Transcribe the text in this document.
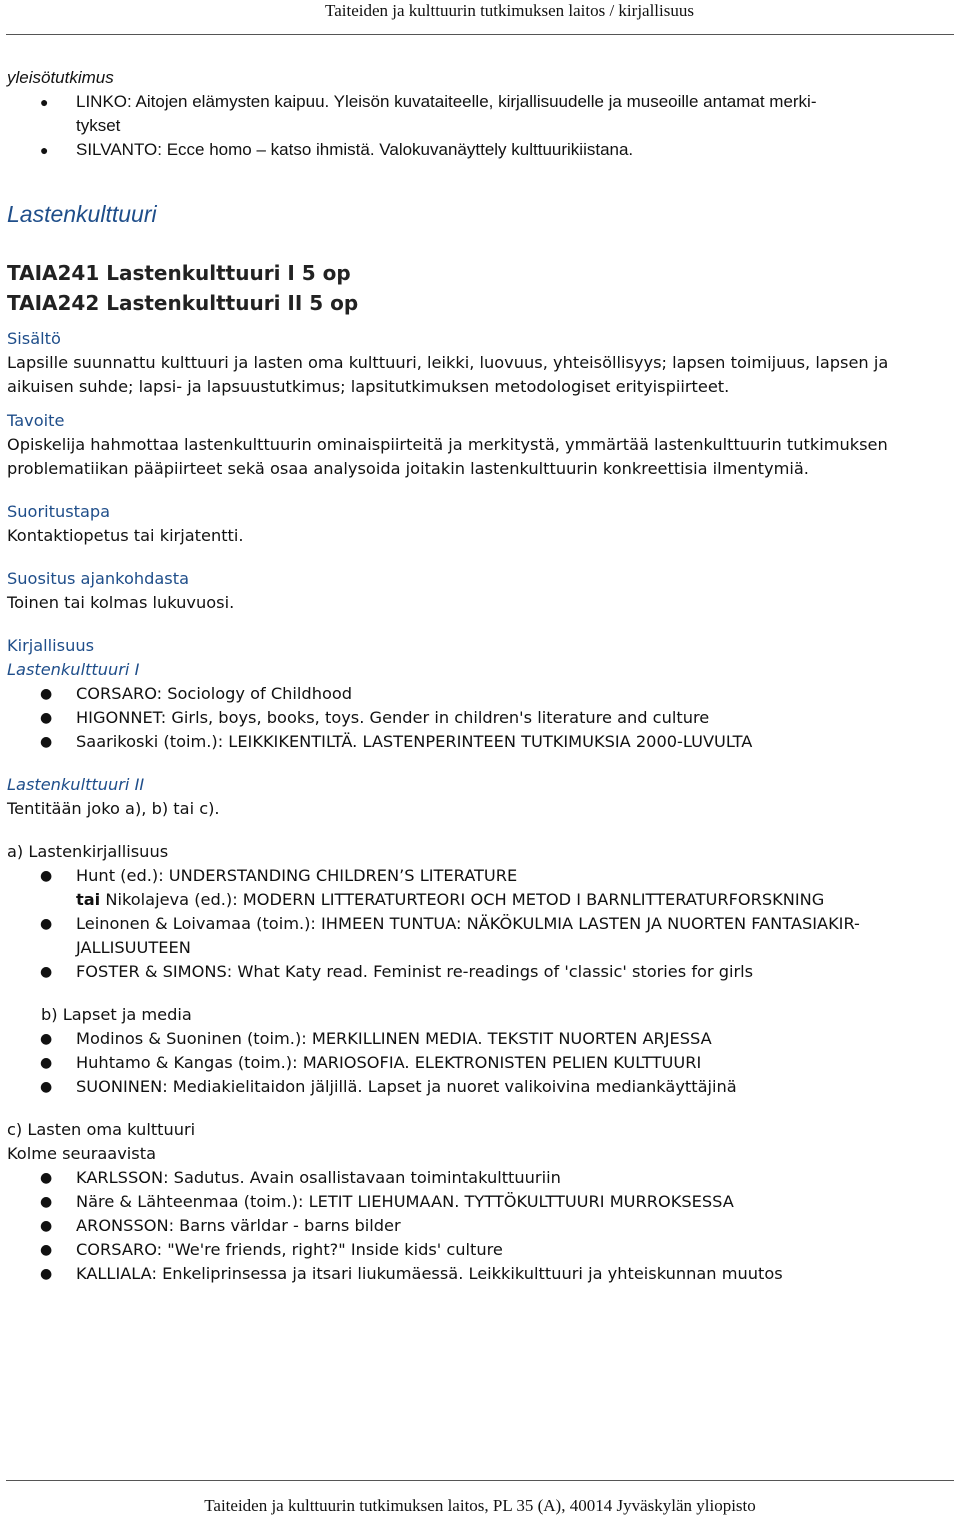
Taiteiden ja kulttuurin tutkimuksen laitos / kirjallisuus

yleisötutkimus

● LINKO: Aitojen elämysten kaipuu. Yleisön kuvataiteelle, kirjallisuudelle ja museoille antamat merki-
tykset
● SILVANTO: Ecce homo – katso ihmistä. Valokuvanäyttely kulttuurikiistana.

Lastenkulttuuri

TAIA241 Lastenkulttuuri I 5 op

TAIA242 Lastenkulttuuri II 5 op

Sisältö

Lapsille suunnattu kulttuuri ja lasten oma kulttuuri, leikki, luovuus, yhteisöllisyys; lapsen toimijuus, lapsen ja aikuisen suhde; lapsi- ja lapsuustutkimus; lapsitutkimuksen metodologiset erityispiirteet.

Tavoite

Opiskelija hahmottaa lastenkulttuurin ominaispiirteitä ja merkitystä, ymmärtää lastenkulttuurin tutkimuksen problematiikan pääpiirteet sekä osaa analysoida joitakin lastenkulttuurin konkreettisia ilmentymiä.

Suoritustapa

Kontaktiopetus tai kirjatentti.

Suositus ajankohdasta

Toinen tai kolmas lukuvuosi.

Kirjallisuus

Lastenkulttuuri I

● CORSARO: Sociology of Childhood
● HIGONNET: Girls, boys, books, toys. Gender in children's literature and culture
● Saarikoski (toim.): LEIKKIKENTILTÄ. LASTENPERINTEEN TUTKIMUKSIA 2000-LUVULTA

Lastenkulttuuri II

Tentitään joko a), b) tai c).

a) Lastenkirjallisuus

● Hunt (ed.): UNDERSTANDING CHILDREN’S LITERATURE
tai Nikolajeva (ed.): MODERN LITTERATURTEORI OCH METOD I BARNLITTERATURFORSKNING
● Leinonen & Loivamaa (toim.): IHMEEN TUNTUA: NÄKÖKULMIA LASTEN JA NUORTEN FANTASIAKIR-
JALLISUUTEEN
● FOSTER & SIMONS: What Katy read. Feminist re-readings of 'classic' stories for girls

b) Lapset ja media

● Modinos & Suoninen (toim.): MERKILLINEN MEDIA. TEKSTIT NUORTEN ARJESSA
● Huhtamo & Kangas (toim.): MARIOSOFIA. ELEKTRONISTEN PELIEN KULTTUURI
● SUONINEN: Mediakielitaidon jäljillä. Lapset ja nuoret valikoivina mediankäyttäjinä

c) Lasten oma kulttuuri

Kolme seuraavista

● KARLSSON: Sadutus. Avain osallistavaan toimintakulttuuriin
● Näre & Lähteenmaa (toim.): LETIT LIEHUMAAN. TYTTÖKULTTUURI MURROKSESSA
● ARONSSON: Barns världar - barns bilder
● CORSARO: "We're friends, right?" Inside kids' culture
● KALLIALA: Enkeliprinsessa ja itsari liukumäessä. Leikkikulttuuri ja yhteiskunnan muutos
Taiteiden ja kulttuurin tutkimuksen laitos, PL 35 (A), 40014 Jyväskylän yliopisto
